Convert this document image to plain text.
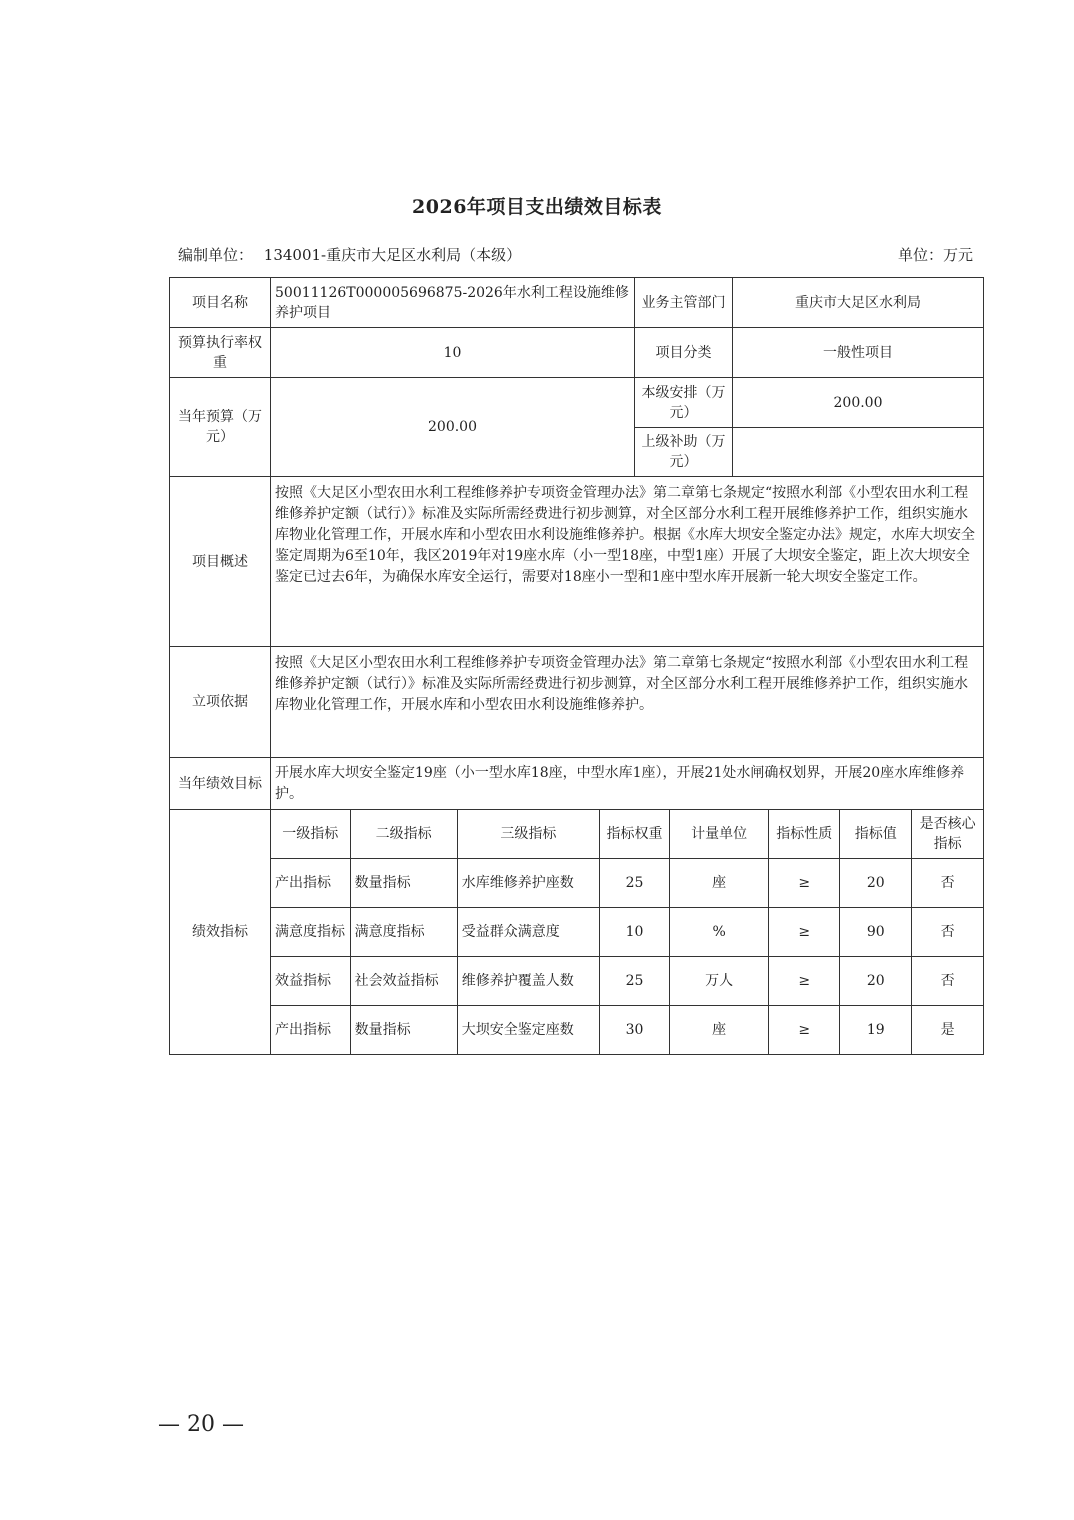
2026年项目支出绩效目标表
编制单位： 134001-重庆市大足区水利局（本级）	单位：万元
项目名称	50011126T000005696875-2026年水利工程设施维修养护项目	业务主管部门	重庆市大足区水利局
预算执行率权重	10	项目分类	一般性项目
当年预算（万元）	200.00	本级安排（万元）	200.00
上级补助（万元）	
项目概述	按照《大足区小型农田水利工程维修养护专项资金管理办法》第二章第七条规定“按照水利部《小型农田水利工程维修养护定额（试行）》标准及实际所需经费进行初步测算，对全区部分水利工程开展维修养护工作，组织实施水库物业化管理工作，开展水库和小型农田水利设施维修养护。根据《水库大坝安全鉴定办法》规定，水库大坝安全鉴定周期为6至10年，我区2019年对19座水库（小一型18座，中型1座）开展了大坝安全鉴定，距上次大坝安全鉴定已过去6年，为确保水库安全运行，需要对18座小一型和1座中型水库开展新一轮大坝安全鉴定工作。
立项依据	按照《大足区小型农田水利工程维修养护专项资金管理办法》第二章第七条规定“按照水利部《小型农田水利工程维修养护定额（试行）》标准及实际所需经费进行初步测算，对全区部分水利工程开展维修养护工作，组织实施水库物业化管理工作，开展水库和小型农田水利设施维修养护。
当年绩效目标	开展水库大坝安全鉴定19座（小一型水库18座，中型水库1座），开展21处水闸确权划界，开展20座水库维修养护。
绩效指标	
一级指标	二级指标	三级指标	指标权重	计量单位	指标性质	指标值	是否核心指标
产出指标	数量指标	水库维修养护座数	25	座	≥	20	否
满意度指标	满意度指标	受益群众满意度	10	%	≥	90	否
效益指标	社会效益指标	维修养护覆盖人数	25	万人	≥	20	否
产出指标	数量指标	大坝安全鉴定座数	30	座	≥	19	是
— 20 —
